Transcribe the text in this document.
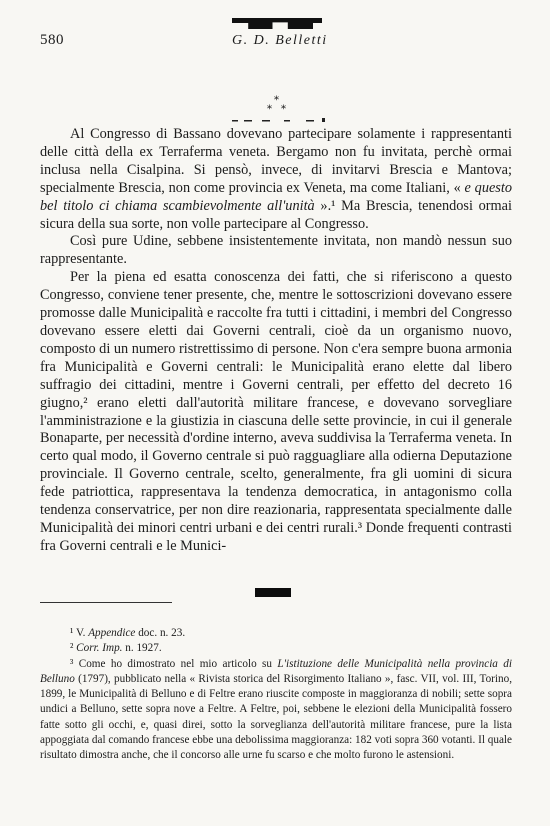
580	G. D. Belletti
*
* *

Al Congresso di Bassano dovevano partecipare solamente i rappresentanti delle città della ex Terraferma veneta. Bergamo non fu invitata, perchè ormai inclusa nella Cisalpina. Si pensò, invece, di invitarvi Brescia e Mantova; specialmente Brescia, non come provincia ex Veneta, ma come Italiani, « e questo bel titolo ci chiama scambievolmente all'unità ».¹ Ma Brescia, tenendosi ormai sicura della sua sorte, non volle partecipare al Congresso.

Così pure Udine, sebbene insistentemente invitata, non mandò nessun suo rappresentante.

Per la piena ed esatta conoscenza dei fatti, che si riferiscono a questo Congresso, conviene tener presente, che, mentre le sottoscrizioni dovevano essere promosse dalle Municipalità e raccolte fra tutti i cittadini, i membri del Congresso dovevano essere eletti dai Governi centrali, cioè da un organismo nuovo, composto di un numero ristrettissimo di persone. Non c'era sempre buona armonia fra Municipalità e Governi centrali: le Municipalità erano elette dal libero suffragio dei cittadini, mentre i Governi centrali, per effetto del decreto 16 giugno,² erano eletti dall'autorità militare francese, e dovevano sorvegliare l'amministrazione e la giustizia in ciascuna delle sette provincie, in cui il generale Bonaparte, per necessità d'ordine interno, aveva suddivisa la Terraferma veneta. In certo qual modo, il Governo centrale si può ragguagliare alla odierna Deputazione provinciale. Il Governo centrale, scelto, generalmente, fra gli uomini di sicura fede patriottica, rappresentava la tendenza democratica, in antagonismo colla tendenza conservatrice, per non dire reazionaria, rappresentata specialmente dalle Municipalità dei minori centri urbani e dei centri rurali.³ Donde frequenti contrasti fra Governi centrali e le Munici-

¹ V. Appendice doc. n. 23.

² Corr. Imp. n. 1927.

³ Come ho dimostrato nel mio articolo su L'istituzione delle Municipalità nella provincia di Belluno (1797), pubblicato nella « Rivista storica del Risorgimento Italiano », fasc. VII, vol. III, Torino, 1899, le Municipalità di Belluno e di Feltre erano riuscite composte in maggioranza di nobili; sette sopra undici a Belluno, sette sopra nove a Feltre. A Feltre, poi, sebbene le elezioni della Municipalità fossero fatte sotto gli occhi, e, quasi direi, sotto la sorveglianza dell'autorità militare francese, pure la lista appoggiata dal comando francese ebbe una debolissima maggioranza: 182 voti sopra 360 votanti. Il quale risultato dimostra anche, che il concorso alle urne fu scarso e che molto furono le astensioni.
